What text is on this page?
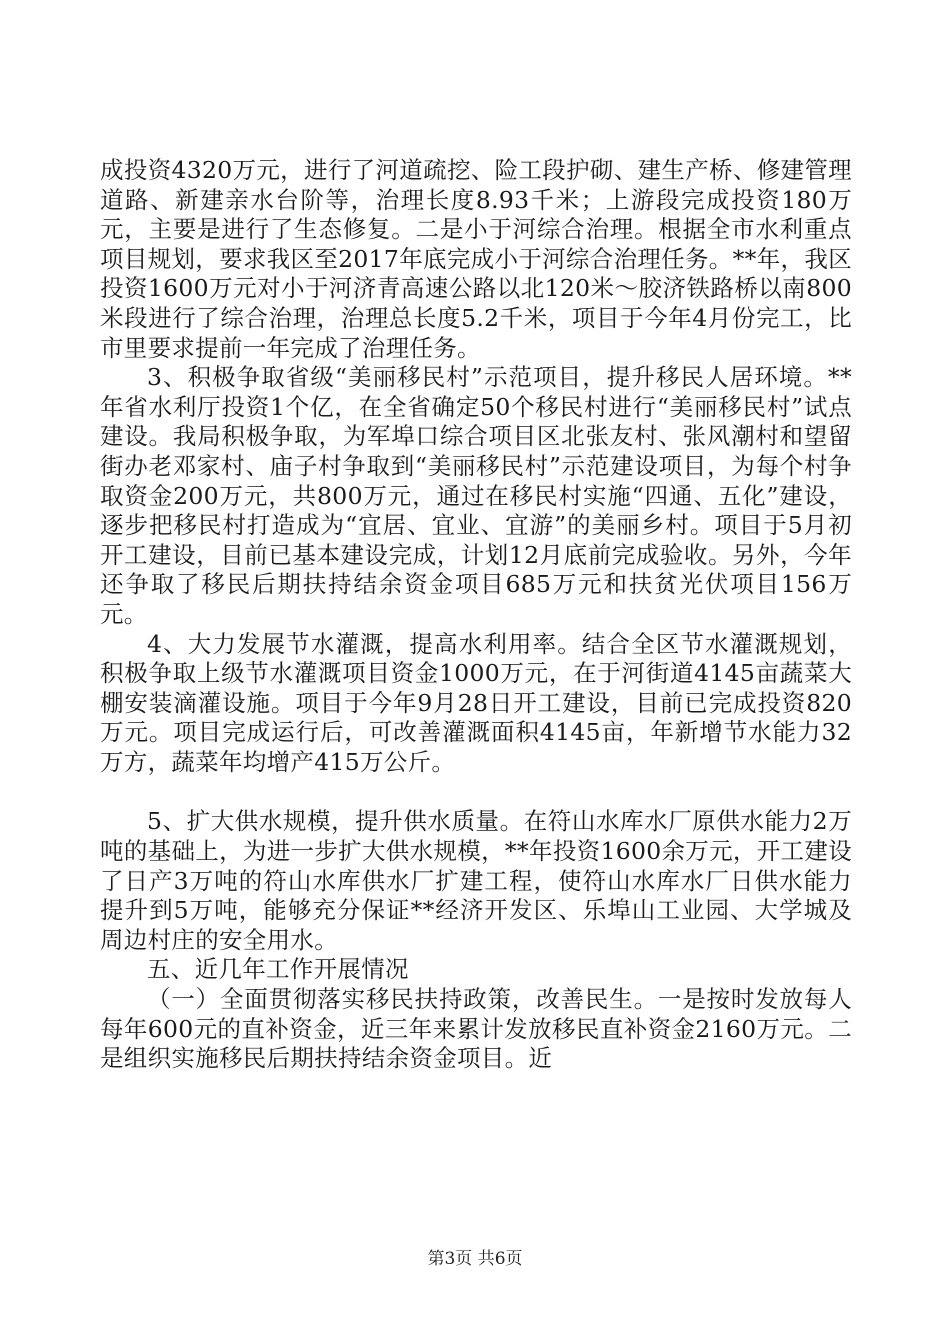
成投资4320万元，进行了河道疏挖、险工段护砌、建生产桥、修建管理道路、新建亲水台阶等，治理长度8.93千米；上游段完成投资180万元，主要是进行了生态修复。二是小于河综合治理。根据全市水利重点项目规划，要求我区至2017年底完成小于河综合治理任务。**年，我区投资1600万元对小于河济青高速公路以北120米～胶济铁路桥以南800米段进行了综合治理，治理总长度5.2千米，项目于今年4月份完工，比市里要求提前一年完成了治理任务。

3、积极争取省级“美丽移民村”示范项目，提升移民人居环境。**年省水利厅投资1个亿，在全省确定50个移民村进行“美丽移民村”试点建设。我局积极争取，为军埠口综合项目区北张友村、张风潮村和望留街办老邓家村、庙子村争取到“美丽移民村”示范建设项目，为每个村争取资金200万元，共800万元，通过在移民村实施“四通、五化”建设，逐步把移民村打造成为“宜居、宜业、宜游”的美丽乡村。项目于5月初开工建设，目前已基本建设完成，计划12月底前完成验收。另外，今年还争取了移民后期扶持结余资金项目685万元和扶贫光伏项目156万元。

4、大力发展节水灌溉，提高水利用率。结合全区节水灌溉规划，积极争取上级节水灌溉项目资金1000万元，在于河街道4145亩蔬菜大棚安装滴灌设施。项目于今年9月28日开工建设，目前已完成投资820万元。项目完成运行后，可改善灌溉面积4145亩，年新增节水能力32万方，蔬菜年均增产415万公斤。

5、扩大供水规模，提升供水质量。在符山水库水厂原供水能力2万吨的基础上，为进一步扩大供水规模，**年投资1600余万元，开工建设了日产3万吨的符山水库供水厂扩建工程，使符山水库水厂日供水能力提升到5万吨，能够充分保证**经济开发区、乐埠山工业园、大学城及周边村庄的安全用水。

五、近几年工作开展情况

（一）全面贯彻落实移民扶持政策，改善民生。一是按时发放每人每年600元的直补资金，近三年来累计发放移民直补资金2160万元。二是组织实施移民后期扶持结余资金项目。近

第3页 共6页
